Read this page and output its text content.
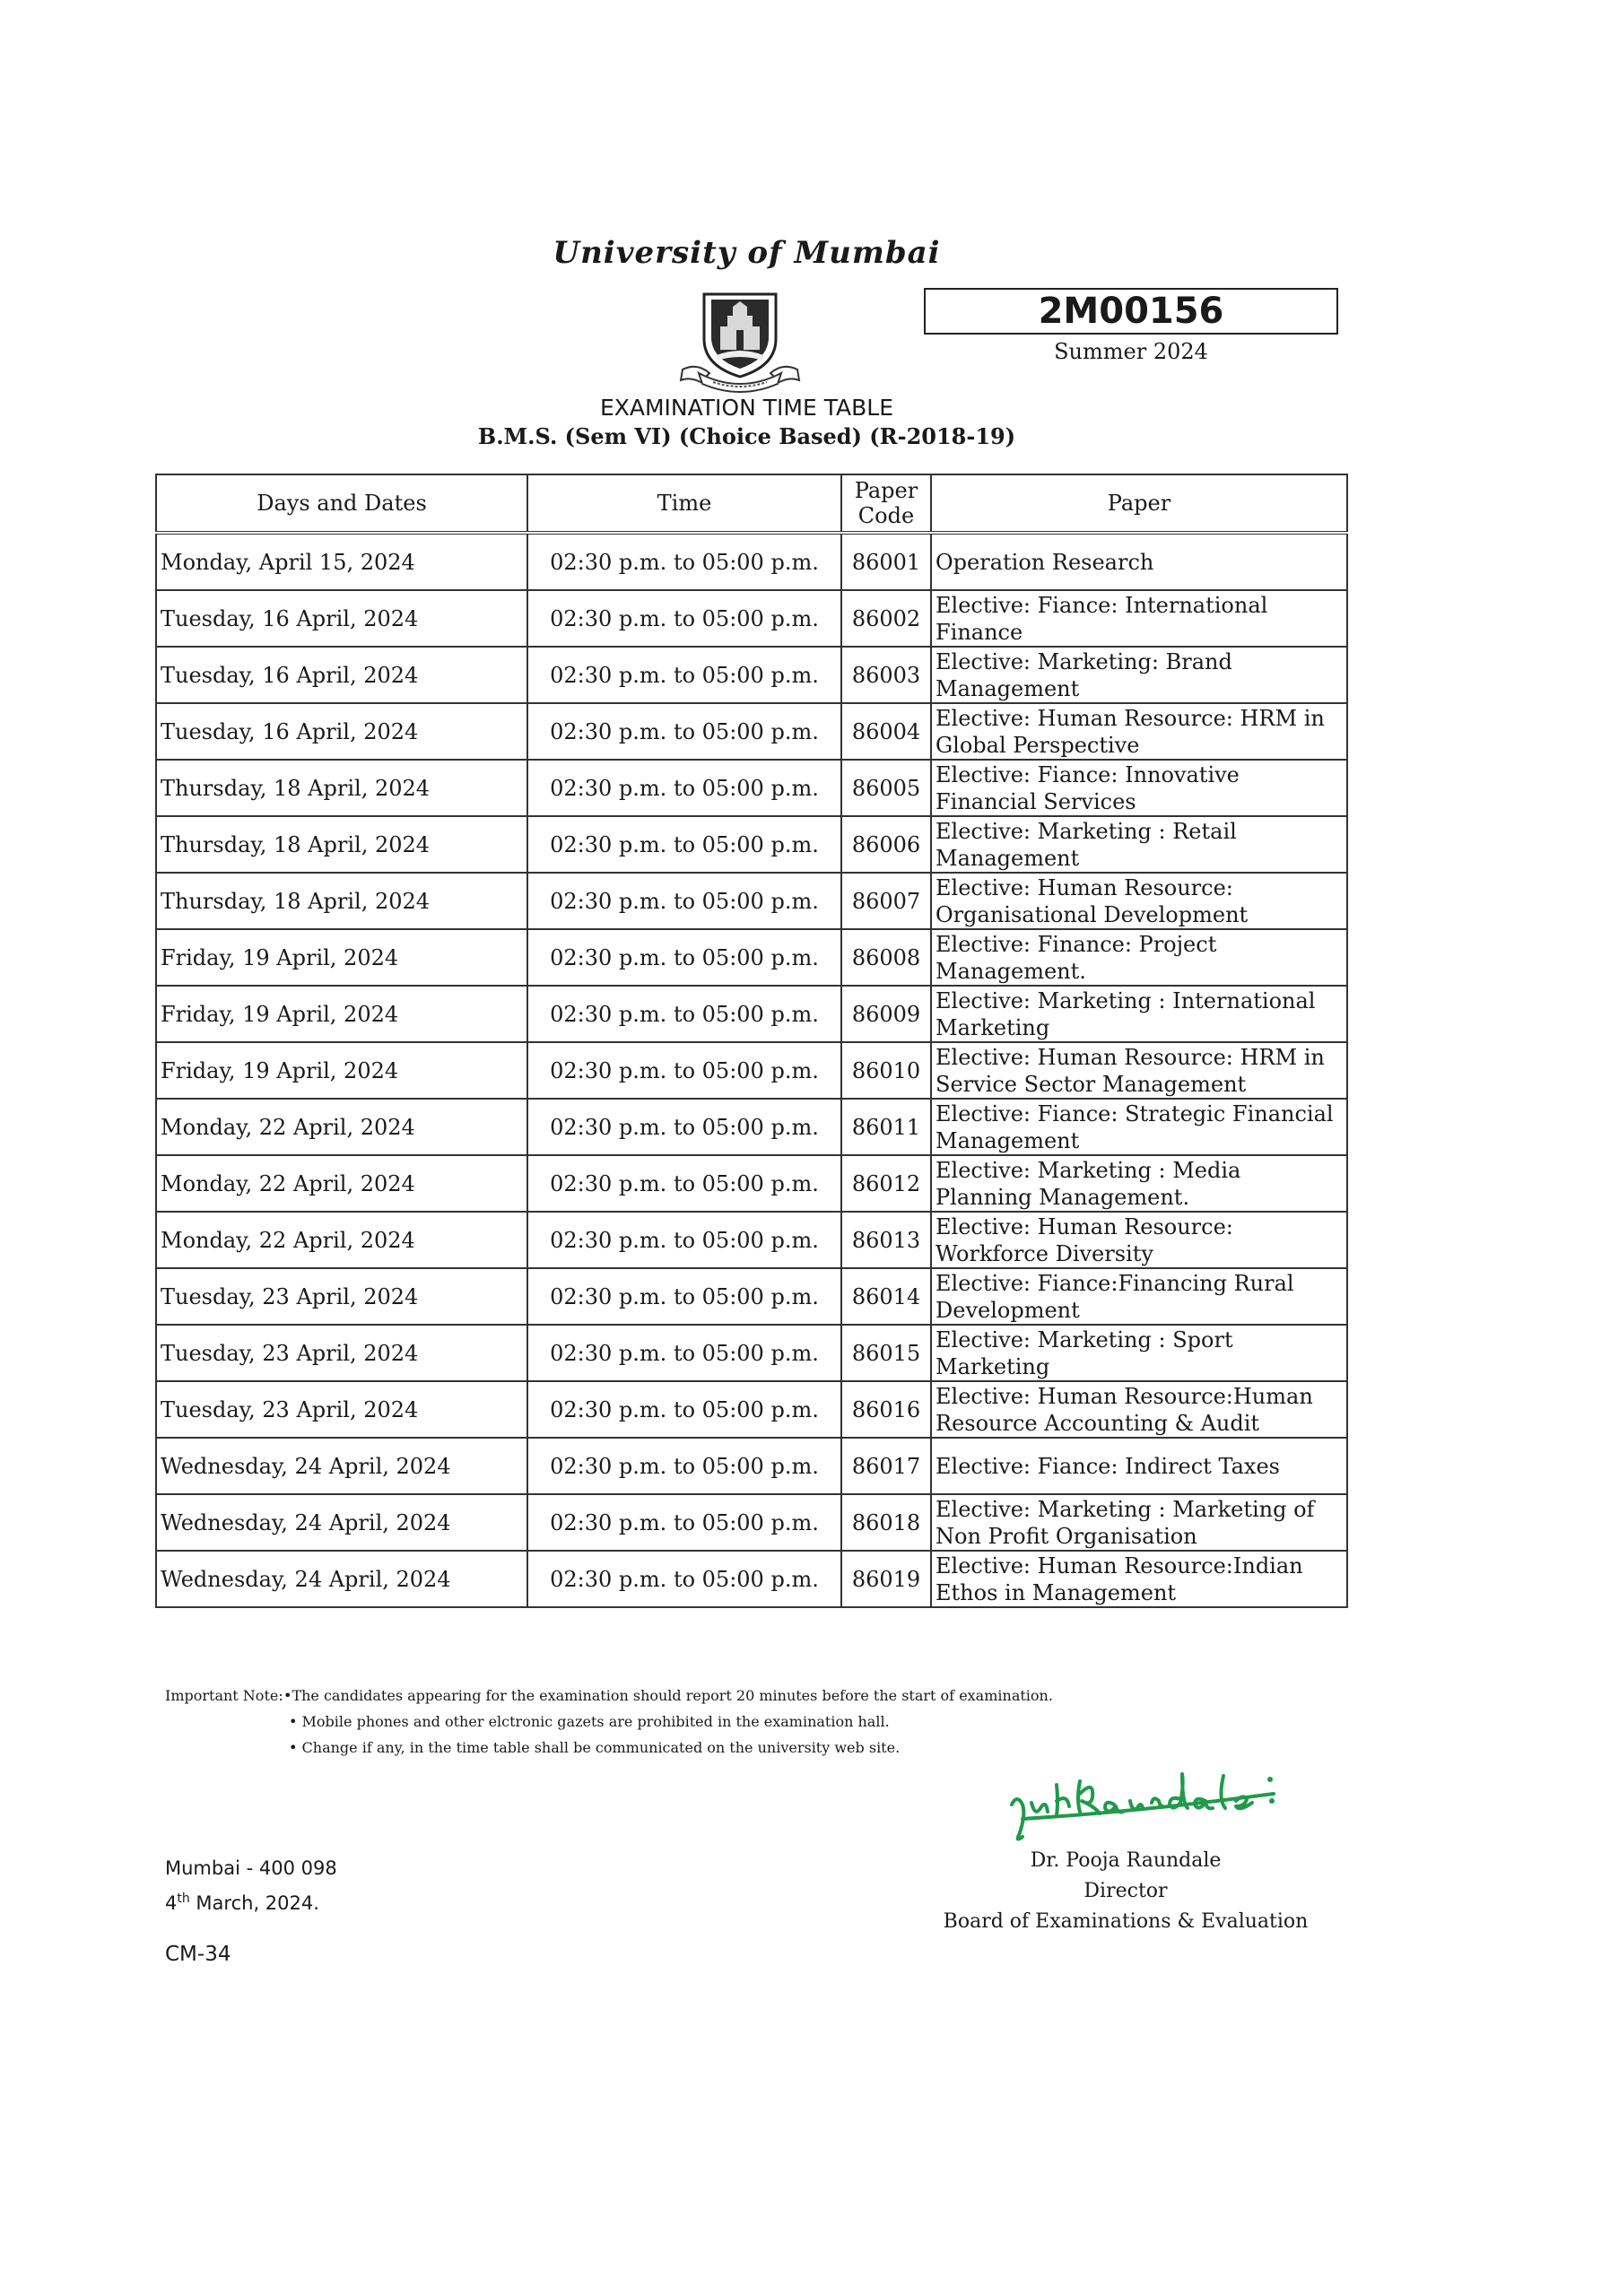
University of Mumbai
2M00156
Summer 2024
EXAMINATION TIME TABLE
B.M.S. (Sem VI) (Choice Based) (R-2018-19)
Days and Dates	Time	Paper Code	Paper
Monday, April 15, 2024	02:30 p.m. to 05:00 p.m.	86001	Operation Research
Tuesday, 16 April, 2024	02:30 p.m. to 05:00 p.m.	86002	Elective: Fiance: International Finance
Tuesday, 16 April, 2024	02:30 p.m. to 05:00 p.m.	86003	Elective: Marketing: Brand Management
Tuesday, 16 April, 2024	02:30 p.m. to 05:00 p.m.	86004	Elective: Human Resource: HRM in Global Perspective
Thursday, 18 April, 2024	02:30 p.m. to 05:00 p.m.	86005	Elective: Fiance: Innovative Financial Services
Thursday, 18 April, 2024	02:30 p.m. to 05:00 p.m.	86006	Elective: Marketing : Retail Management
Thursday, 18 April, 2024	02:30 p.m. to 05:00 p.m.	86007	Elective: Human Resource: Organisational Development
Friday, 19 April, 2024	02:30 p.m. to 05:00 p.m.	86008	Elective: Finance: Project Management.
Friday, 19 April, 2024	02:30 p.m. to 05:00 p.m.	86009	Elective: Marketing : International Marketing
Friday, 19 April, 2024	02:30 p.m. to 05:00 p.m.	86010	Elective: Human Resource: HRM in Service Sector Management
Monday, 22 April, 2024	02:30 p.m. to 05:00 p.m.	86011	Elective: Fiance: Strategic Financial Management
Monday, 22 April, 2024	02:30 p.m. to 05:00 p.m.	86012	Elective: Marketing : Media Planning Management.
Monday, 22 April, 2024	02:30 p.m. to 05:00 p.m.	86013	Elective: Human Resource: Workforce Diversity
Tuesday, 23 April, 2024	02:30 p.m. to 05:00 p.m.	86014	Elective: Fiance:Financing Rural Development
Tuesday, 23 April, 2024	02:30 p.m. to 05:00 p.m.	86015	Elective: Marketing : Sport Marketing
Tuesday, 23 April, 2024	02:30 p.m. to 05:00 p.m.	86016	Elective: Human Resource:Human Resource Accounting & Audit
Wednesday, 24 April, 2024	02:30 p.m. to 05:00 p.m.	86017	Elective: Fiance: Indirect Taxes
Wednesday, 24 April, 2024	02:30 p.m. to 05:00 p.m.	86018	Elective: Marketing : Marketing of Non Profit Organisation
Wednesday, 24 April, 2024	02:30 p.m. to 05:00 p.m.	86019	Elective: Human Resource:Indian Ethos in Management
Important Note:•The candidates appearing for the examination should report 20 minutes before the start of examination.
• Mobile phones and other elctronic gazets are prohibited in the examination hall.
• Change if any, in the time table shall be communicated on the university web site.
Dr. Pooja Raundale
Director
Board of Examinations & Evaluation
Mumbai - 400 098
4th March, 2024.
CM-34
